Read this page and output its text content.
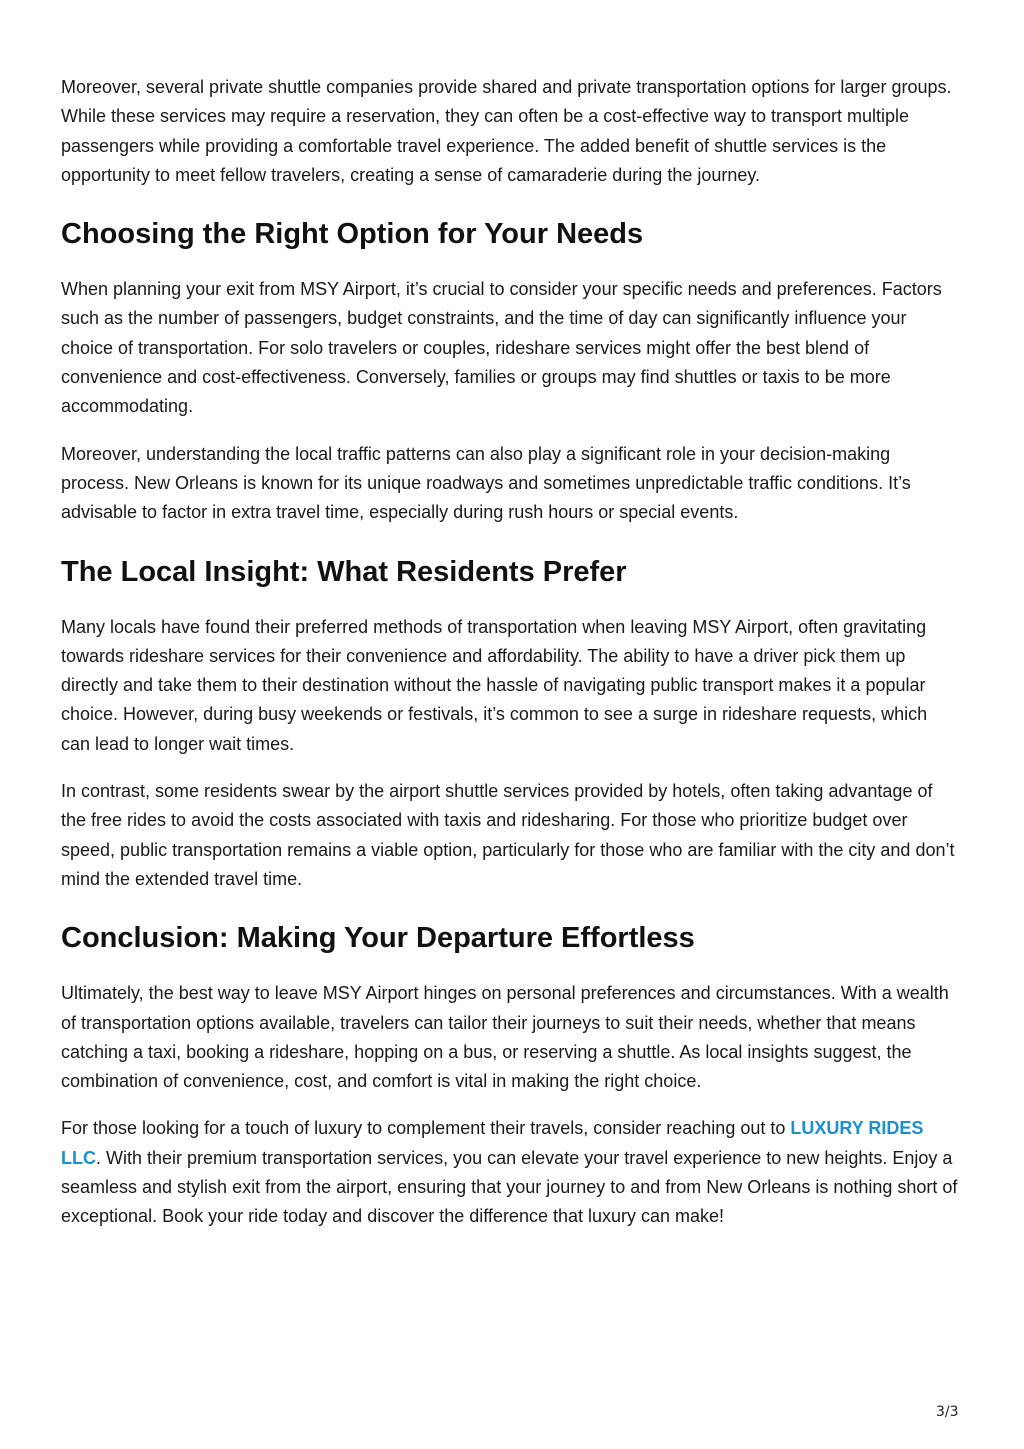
Moreover, several private shuttle companies provide shared and private transportation options for larger groups. While these services may require a reservation, they can often be a cost-effective way to transport multiple passengers while providing a comfortable travel experience. The added benefit of shuttle services is the opportunity to meet fellow travelers, creating a sense of camaraderie during the journey.

Choosing the Right Option for Your Needs

When planning your exit from MSY Airport, it’s crucial to consider your specific needs and preferences. Factors such as the number of passengers, budget constraints, and the time of day can significantly influence your choice of transportation. For solo travelers or couples, rideshare services might offer the best blend of convenience and cost-effectiveness. Conversely, families or groups may find shuttles or taxis to be more accommodating.

Moreover, understanding the local traffic patterns can also play a significant role in your decision-making process. New Orleans is known for its unique roadways and sometimes unpredictable traffic conditions. It’s advisable to factor in extra travel time, especially during rush hours or special events.

The Local Insight: What Residents Prefer

Many locals have found their preferred methods of transportation when leaving MSY Airport, often gravitating towards rideshare services for their convenience and affordability. The ability to have a driver pick them up directly and take them to their destination without the hassle of navigating public transport makes it a popular choice. However, during busy weekends or festivals, it’s common to see a surge in rideshare requests, which can lead to longer wait times.

In contrast, some residents swear by the airport shuttle services provided by hotels, often taking advantage of the free rides to avoid the costs associated with taxis and ridesharing. For those who prioritize budget over speed, public transportation remains a viable option, particularly for those who are familiar with the city and don’t mind the extended travel time.

Conclusion: Making Your Departure Effortless

Ultimately, the best way to leave MSY Airport hinges on personal preferences and circumstances. With a wealth of transportation options available, travelers can tailor their journeys to suit their needs, whether that means catching a taxi, booking a rideshare, hopping on a bus, or reserving a shuttle. As local insights suggest, the combination of convenience, cost, and comfort is vital in making the right choice.

For those looking for a touch of luxury to complement their travels, consider reaching out to LUXURY RIDES LLC. With their premium transportation services, you can elevate your travel experience to new heights. Enjoy a seamless and stylish exit from the airport, ensuring that your journey to and from New Orleans is nothing short of exceptional. Book your ride today and discover the difference that luxury can make!

3/3
